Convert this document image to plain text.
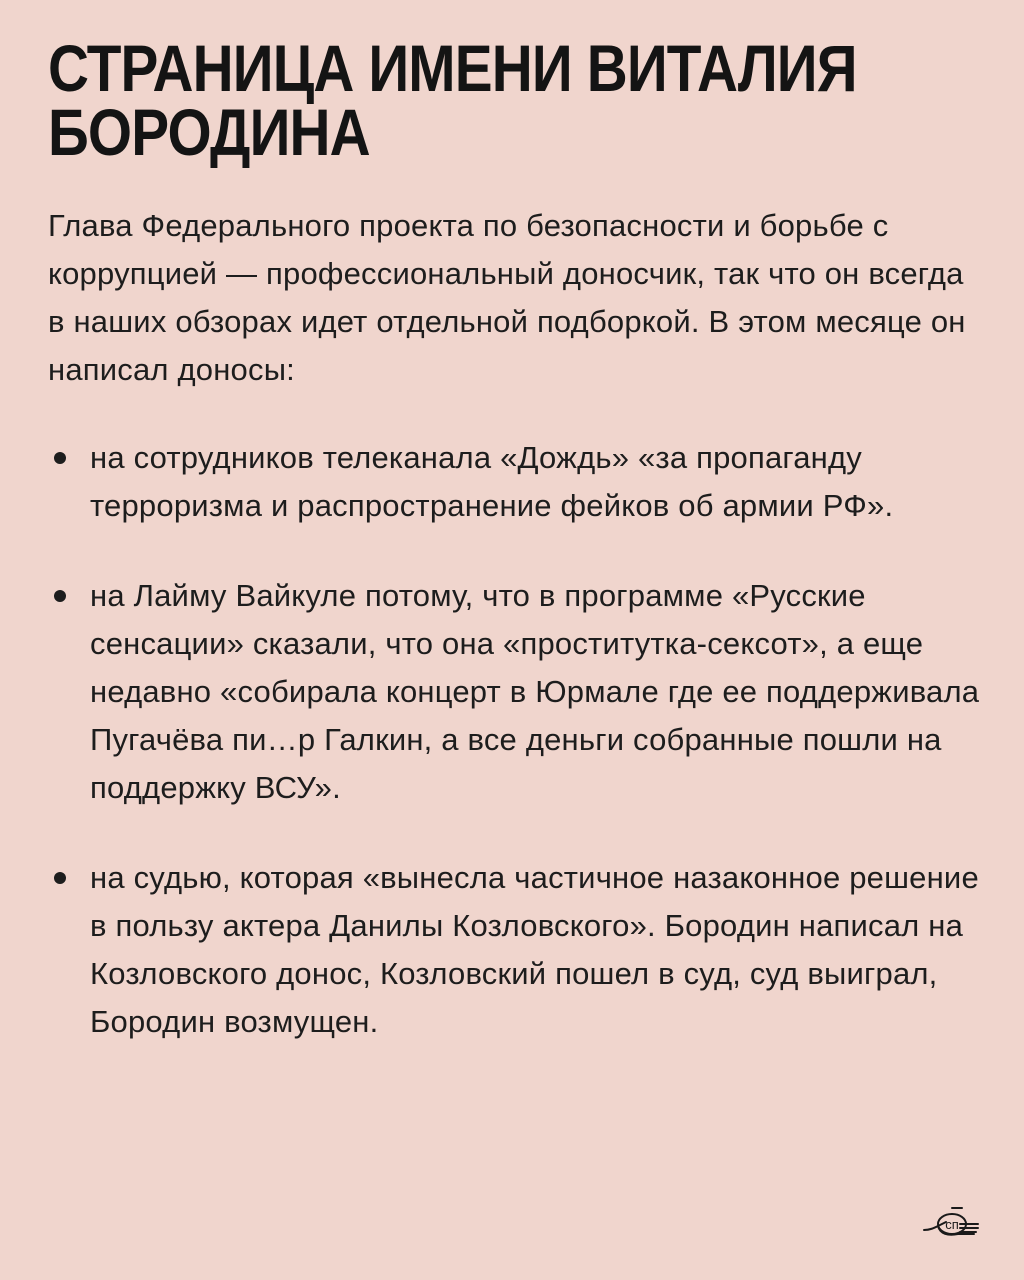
СТРАНИЦА ИМЕНИ ВИТАЛИЯ БОРОДИНА

Глава Федерального проекта по безопасности и борьбе с коррупцией — профессиональный доносчик, так что он всегда в наших обзорах идет отдельной подборкой. В этом месяце он написал доносы:

на сотрудников телеканала «Дождь» «за пропаганду терроризма и распространение фейков об армии РФ».
на Лайму Вайкуле потому, что в программе «Русские сенсации» сказали, что она «проститутка-сексот», а еще недавно «собирала концерт в Юрмале где ее поддерживала Пугачёва пи…р Галкин, а все деньги собранные пошли на поддержку ВСУ».
на судью, которая «вынесла частичное назаконное решение в пользу актера Данилы Козловского». Бородин написал на Козловского донос, Козловский пошел в суд, суд выиграл, Бородин возмущен.
сп
